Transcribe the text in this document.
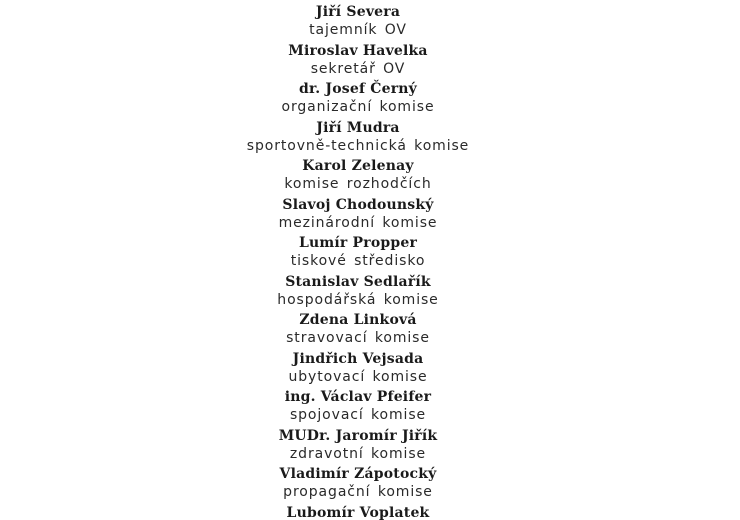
Jiří Severa
tajemník OV
Miroslav Havelka
sekretář OV
dr. Josef Černý
organizační komise
Jiří Mudra
sportovně-technická komise
Karol Zelenay
komise rozhodčích
Slavoj Chodounský
mezinárodní komise
Lumír Propper
tiskové středisko
Stanislav Sedlařík
hospodářská komise
Zdena Linková
stravovací komise
Jindřich Vejsada
ubytovací komise
ing. Václav Pfeifer
spojovací komise
MUDr. Jaromír Jiřík
zdravotní komise
Vladimír Zápotocký
propagační komise
Lubomír Voplatek
